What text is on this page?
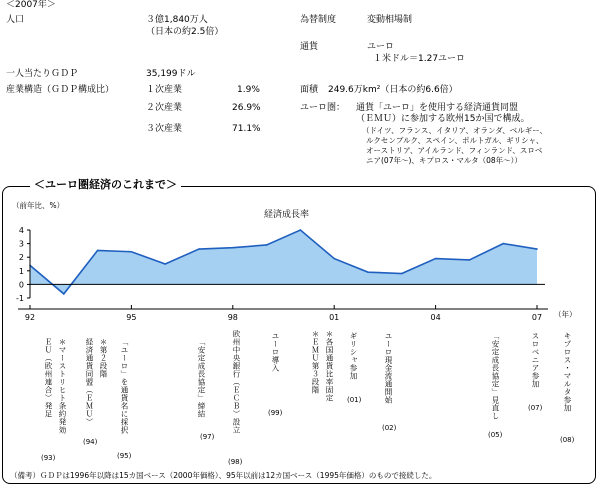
＜2007年＞
人口	３億1,840万人
（日本の約2.5倍）
為替制度	変動相場制
通貨	ユーロ
１米ドル＝1.27ユーロ
一人当たりＧＤＰ	35,199ドル
産業構造（ＧＤＰ構成比）	１次産業	1.9%
２次産業	26.9%
３次産業	71.1%
面積 249.6万km²（日本の約6.6倍）
ユーロ圏： 通貨「ユーロ」を使用する経済通貨同盟
（ＥＭＵ）に参加する欧州15か国で構成。
（ドイツ、フランス、イタリア、オランダ、ベルギー、
ルクセンブルク、スペイン、ポルトガル、ギリシャ、
オーストリア、アイルランド、フィンランド、スロベ
ニア(07年～)、キプロス・マルタ（08年～））
＜ユーロ圏経済のこれまで＞
（前年比、%）
経済成長率
（年）
4
3
2
1
0
-1
92	95	98	01	04	07
ＥＵ（欧州連合）発足
(93)
＊マーストリヒト条約発効 経済通貨同盟（ＥＭＵ）
(94)
＊第２段階 「ユーロ」を通貨名に採択
(95)
「安定成長協定」締結
(97)
欧州中央銀行（ＥＣＢ）設立
(98)
ユーロ導入
(99)
＊ＥＭＵ第３段階 ＊各国通貨比率固定 ギリシャ参加
(01)	ユーロ現金流通開始
(02)
「安定成長協定」見直し
(05)
スロベニア参加
(07)	キプロス・マルタ参加
(08)
（備考）ＧＤＰは1996年以降は15カ国ベース（2000年価格）、95年以前は12カ国ベース（1995年価格）のもので接続した。
